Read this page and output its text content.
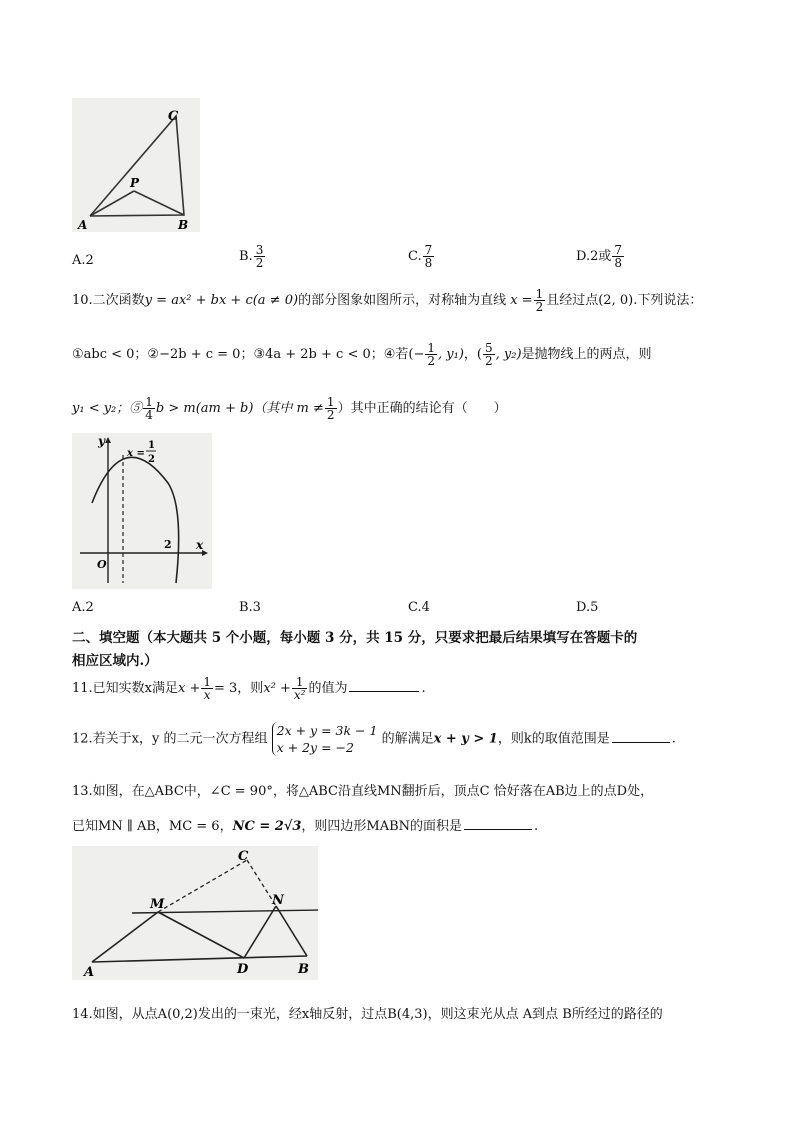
C
P
A	B
A.2	B. $\frac{3}{2}$	C. $\frac{7}{8}$	D.2或 $\frac{7}{8}$
10.二次函数y = ax² + bx + c(a ≠ 0)的部分图象如图所示，对称轴为直线 $x = \frac{1}{2}$ 且经过点(2, 0).下列说法：
①abc < 0；②−2b + c = 0；③4a + 2b + c < 0；④若(− $\frac{1}{2}$ , y₁)，( $\frac{5}{2}$ , y₂)是抛物线上的两点，则
y₁ < y₂；⑤ $\frac{1}{4}$ b > m(am + b)（其中 $m \ne \frac{1}{2}$ ）其中正确的结论有（　　）
y
x
O
2
x =
1
2
A.2	B.3	C.4	D.5
二、填空题（本大题共 5 个小题，每小题 3 分，共 15 分，只要求把最后结果填写在答题卡的
相应区域内.）
11.已知实数x满足$x + \frac{1}{x} = 3$，则$x^2 + \frac{1}{\text{x²}}$ 的值为	.
12.若关于x，y 的二元一次方程组
2x + y = 3k − 1
x + 2y = −2
的解满足x + y > 1，则k的取值范围是	.
13.如图，在△ABC中，∠C = 90°，将△ABC沿直线MN翻折后，顶点C 恰好落在AB边上的点D处，
已知MN ∥ AB，MC = 6，NC = 2√3，则四边形MABN的面积是	.
C
M	N
A	D	B
14.如图，从点A(0,2)发出的一束光，经x轴反射，过点B(4,3)，则这束光从点 A到点 B所经过的路径的
